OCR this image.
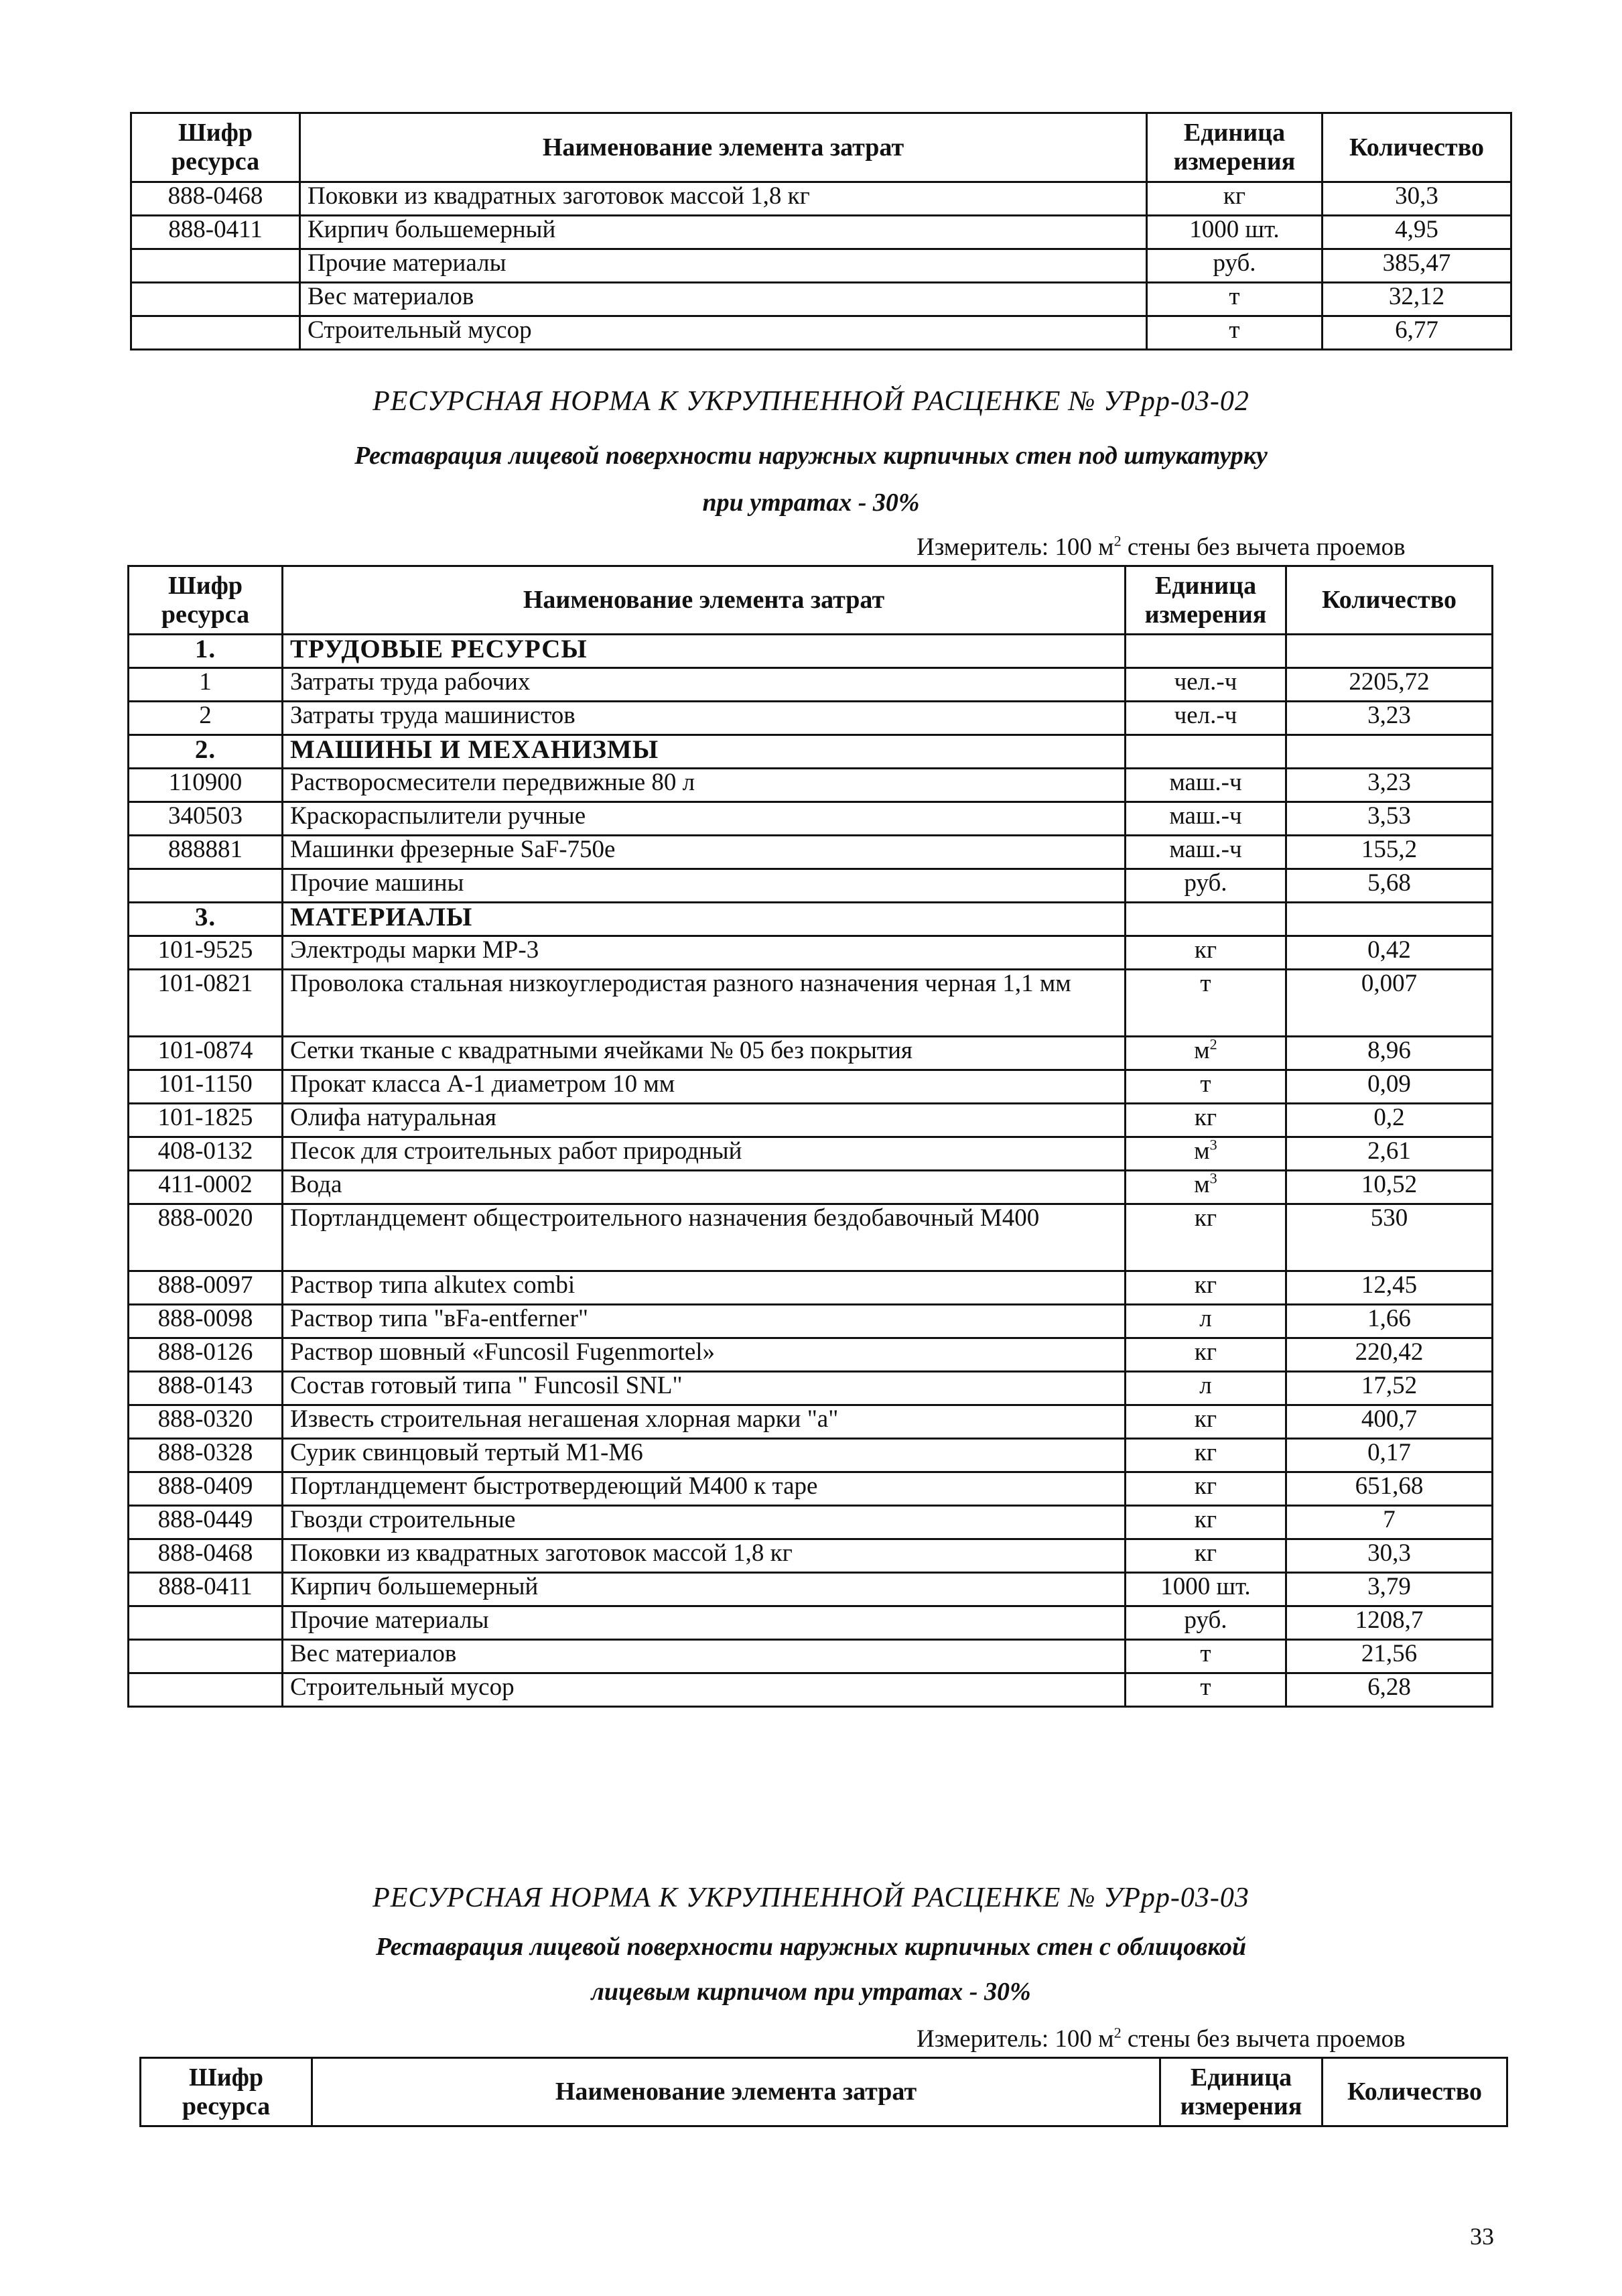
Шифр ресурса	Наименование элемента затрат	Единица измерения	Количество
888-0468	Поковки из квадратных заготовок массой 1,8 кг	кг	30,3
888-0411	Кирпич большемерный	1000 шт.	4,95
	Прочие материалы	руб.	385,47
	Вес материалов	т	32,12
	Строительный мусор	т	6,77
РЕСУРСНАЯ НОРМА К УКРУПНЕННОЙ РАСЦЕНКЕ № УРрр-03-02
Реставрация лицевой поверхности наружных кирпичных стен под штукатурку
при утратах - 30%
Измеритель: 100 $м^2$ стены без вычета проемов
Шифр ресурса	Наименование элемента затрат	Единица измерения	Количество
1.	ТРУДОВЫЕ РЕСУРСЫ		
1	Затраты труда рабочих	чел.-ч	2205,72
2	Затраты труда машинистов	чел.-ч	3,23
2.	МАШИНЫ И МЕХАНИЗМЫ		
110900	Растворосмесители передвижные 80 л	маш.-ч	3,23
340503	Краскораспылители ручные	маш.-ч	3,53
888881	Машинки фрезерные SaF-750e	маш.-ч	155,2
	Прочие машины	руб.	5,68
3.	МАТЕРИАЛЫ		
101-9525	Электроды марки МР-3	кг	0,42
101-0821	Проволока стальная низкоуглеродистая разного назначения черная 1,1 мм	т	0,007
101-0874	Сетки тканые с квадратными ячейками № 05 без покрытия	$м^2$	8,96
101-1150	Прокат класса А-1 диаметром 10 мм	т	0,09
101-1825	Олифа натуральная	кг	0,2
408-0132	Песок для строительных работ природный	$м^3$	2,61
411-0002	Вода	$м^3$	10,52
888-0020	Портландцемент общестроительного назначения бездобавочный М400	кг	530
888-0097	Раствор типа alkutex combi	кг	12,45
888-0098	Раствор типа "вFa-entferner"	л	1,66
888-0126	Раствор шовный «Funcosil Fugenmortel»	кг	220,42
888-0143	Состав готовый типа " Funcosil SNL"	л	17,52
888-0320	Известь строительная негашеная хлорная марки "а"	кг	400,7
888-0328	Сурик свинцовый тертый М1-М6	кг	0,17
888-0409	Портландцемент быстротвердеющий М400 к таре	кг	651,68
888-0449	Гвозди строительные	кг	7
888-0468	Поковки из квадратных заготовок массой 1,8 кг	кг	30,3
888-0411	Кирпич большемерный	1000 шт.	3,79
	Прочие материалы	руб.	1208,7
	Вес материалов	т	21,56
	Строительный мусор	т	6,28
РЕСУРСНАЯ НОРМА К УКРУПНЕННОЙ РАСЦЕНКЕ № УРрр-03-03
Реставрация лицевой поверхности наружных кирпичных стен с облицовкой
лицевым кирпичом при утратах - 30%
Измеритель: 100 $м^2$ стены без вычета проемов
Шифр ресурса	Наименование элемента затрат	Единица измерения	Количество
33
